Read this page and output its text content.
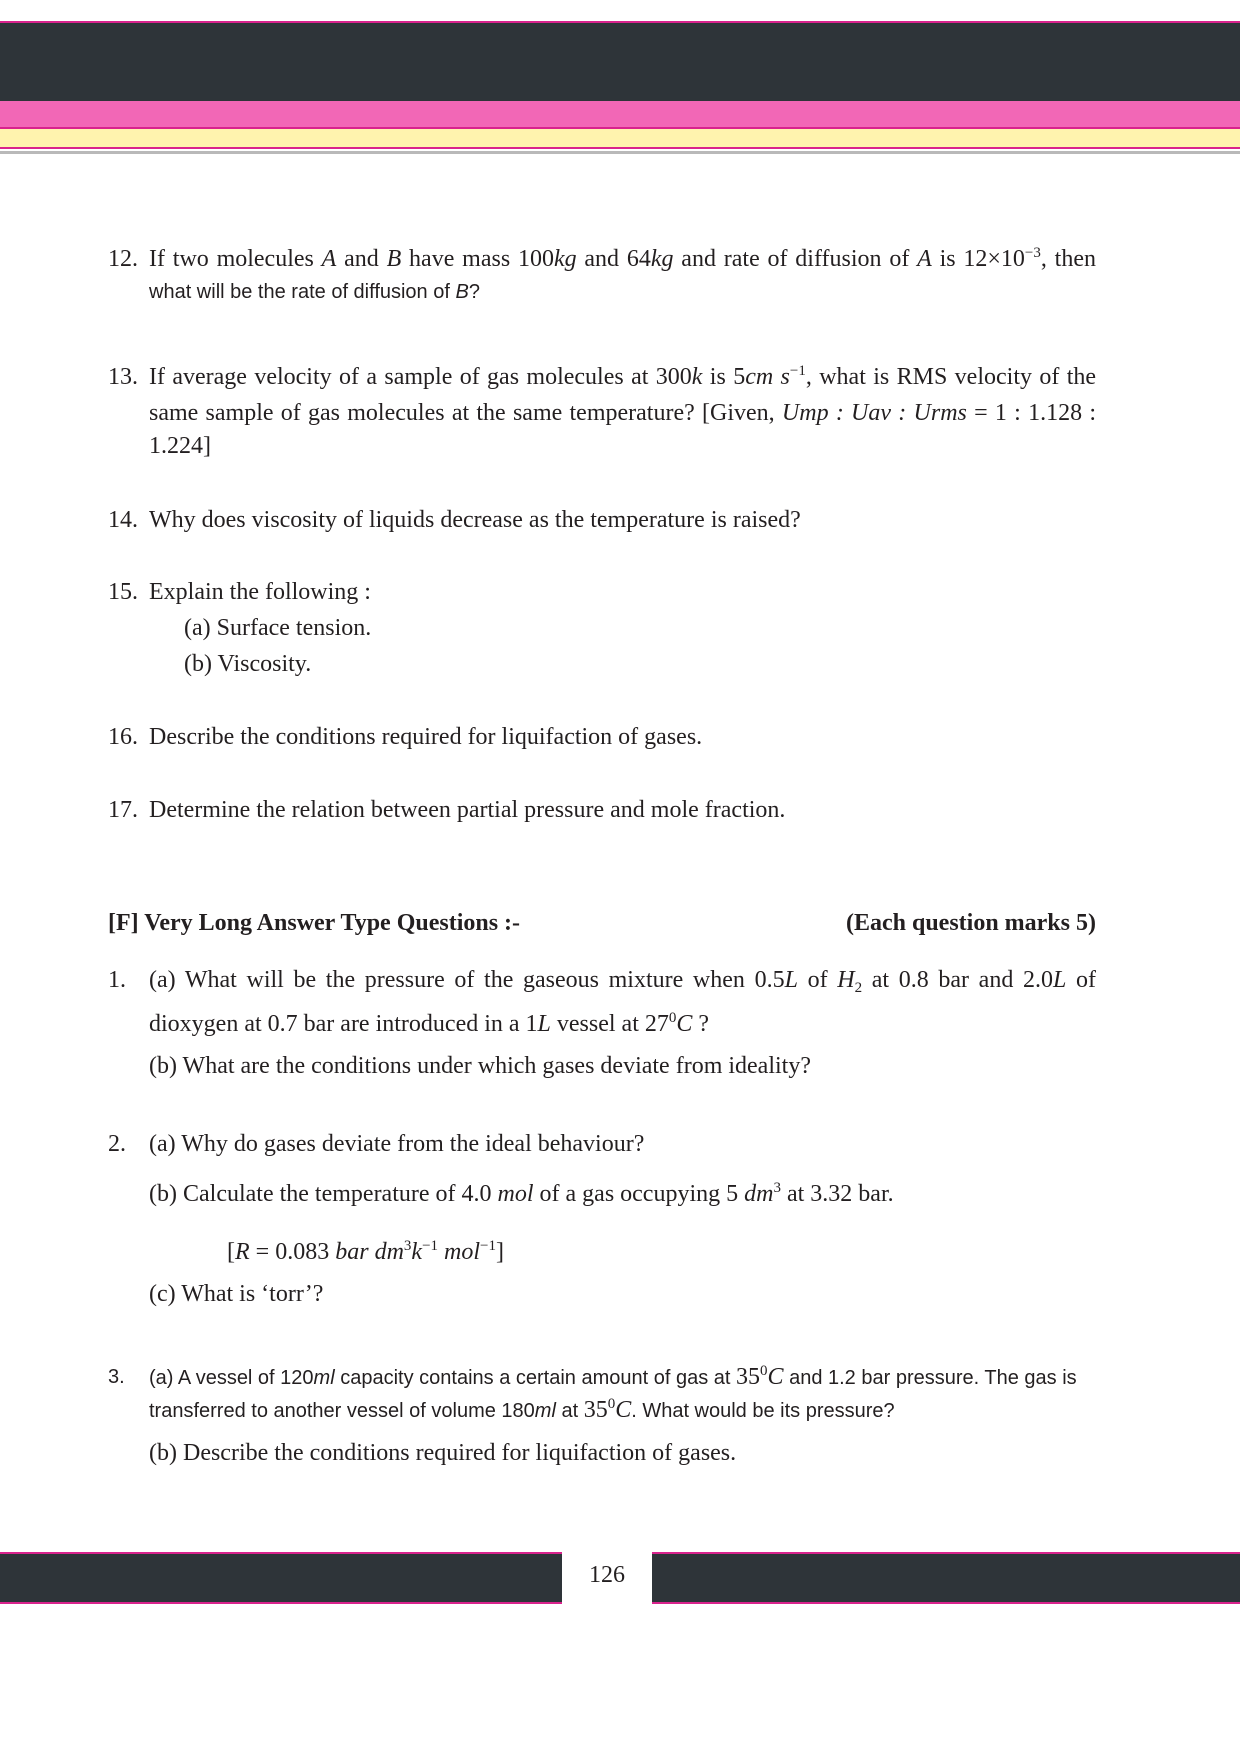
12. If two molecules A and B have mass 100kg and 64kg and rate of diffusion of A is $12\times 10^{-3}$, then
what will be the rate of diffusion of B?
13. If average velocity of a sample of gas molecules at 300k is 5cm $s^{-1}$, what is RMS velocity of the
same sample of gas molecules at the same temperature? [Given, Ump : Uav : Urms = 1 : 1.128 :
1.224]
14. Why does viscosity of liquids decrease as the temperature is raised?
15. Explain the following :
(a) Surface tension.
(b) Viscosity.
16. Describe the conditions required for liquifaction of gases.
17. Determine the relation between partial pressure and mole fraction.
[F] Very Long Answer Type Questions :-	(Each question marks 5)
1. (a) What will be the pressure of the gaseous mixture when 0.5L of $H_2$ at 0.8 bar and 2.0L of
dioxygen at 0.7 bar are introduced in a 1L vessel at $27^0C$ ?
(b) What are the conditions under which gases deviate from ideality?
2. (a) Why do gases deviate from the ideal behaviour?
(b) Calculate the temperature of 4.0 mol of a gas occupying 5 $dm^3$ at 3.32 bar.
[R = 0.083 bar $dm^3k^{-1}$ mol$^{-1}$]
(c) What is ‘torr’?
3. (a) A vessel of 120ml capacity contains a certain amount of gas at $35^0C$ and 1.2 bar pressure. The gas is
transferred to another vessel of volume 180ml at $35^0C$. What would be its pressure?
(b) Describe the conditions required for liquifaction of gases.
126
